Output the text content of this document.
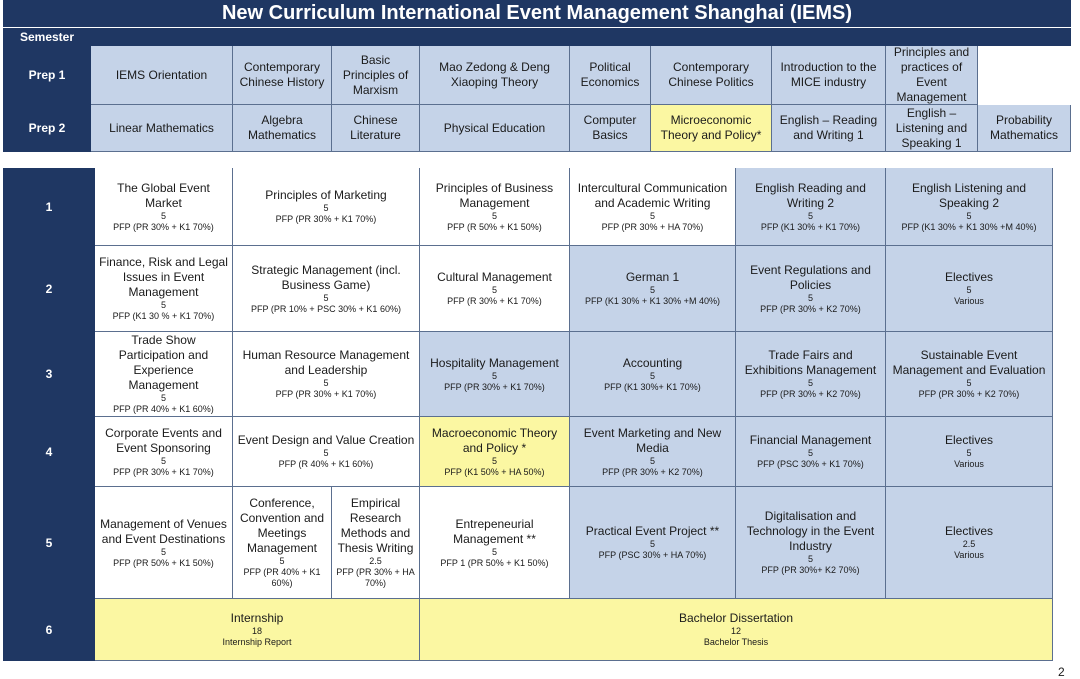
New Curriculum International Event Management Shanghai (IEMS)
Semester
Prep 1	IEMS Orientation
Contemporary Chinese History
Basic Principles of Marxism
Mao Zedong & Deng Xiaoping Theory
Political Economics
Contemporary Chinese Politics
Introduction to the MICE industry
Principles and practices of Event Management
Prep 2	Linear Mathematics
Algebra Mathematics
Chinese Literature
Physical Education
Computer Basics
Microeconomic Theory and Policy*
English – Reading and Writing 1
English – Listening and Speaking 1
Probability Mathematics
1
The Global Event Market
5
PFP (PR 30% + K1 70%)
Principles of Marketing
5
PFP (PR 30% + K1 70%)
Principles of Business Management
5
PFP (R 50% + K1 50%)
Intercultural Communication and Academic Writing
5
PFP (PR 30% + HA 70%)
English Reading and Writing 2
5
PFP (K1 30% + K1 70%)
English Listening and Speaking 2
5
PFP (K1 30% + K1 30% +M 40%)
2
Finance, Risk and Legal Issues in Event Management
5
PFP (K1 30 % + K1 70%)
Strategic Management (incl. Business Game)
5
PFP (PR 10% + PSC 30% + K1 60%)
Cultural Management
5
PFP (R 30% + K1 70%)
German 1
5
PFP (K1 30% + K1 30% +M 40%)
Event Regulations and Policies
5
PFP (PR 30% + K2 70%)
Electives
5
Various
3
Trade Show Participation and Experience Management
5
PFP (PR 40% + K1 60%)
Human Resource Management and Leadership
5
PFP (PR 30% + K1 70%)
Hospitality Management
5
PFP (PR 30% + K1 70%)
Accounting
5
PFP (K1 30%+ K1 70%)
Trade Fairs and Exhibitions Management
5
PFP (PR 30% + K2 70%)
Sustainable Event Management and Evaluation
5
PFP (PR 30% + K2 70%)
4
Corporate Events and Event Sponsoring
5
PFP (PR 30% + K1 70%)
Event Design and Value Creation
5
PFP (R 40% + K1 60%)
Macroeconomic Theory and Policy *
5
PFP (K1 50% + HA 50%)
Event Marketing and New Media
5
PFP (PR 30% + K2 70%)
Financial Management
5
PFP (PSC 30% + K1 70%)
Electives
5
Various
5
Management of Venues and Event Destinations
5
PFP (PR 50% + K1 50%)
Conference, Convention and Meetings Management
5
PFP (PR 40% + K1 60%)
Empirical Research Methods and Thesis Writing
2.5
PFP (PR 30% + HA 70%)
Entrepeneurial Management **
5
PFP 1 (PR 50% + K1 50%)
Practical Event Project **
5
PFP (PSC 30% + HA 70%)
Digitalisation and Technology in the Event Industry
5
PFP (PR 30%+ K2 70%)
Electives
2.5
Various
6
Internship
18
Internship Report
Bachelor Dissertation
12
Bachelor Thesis
2
